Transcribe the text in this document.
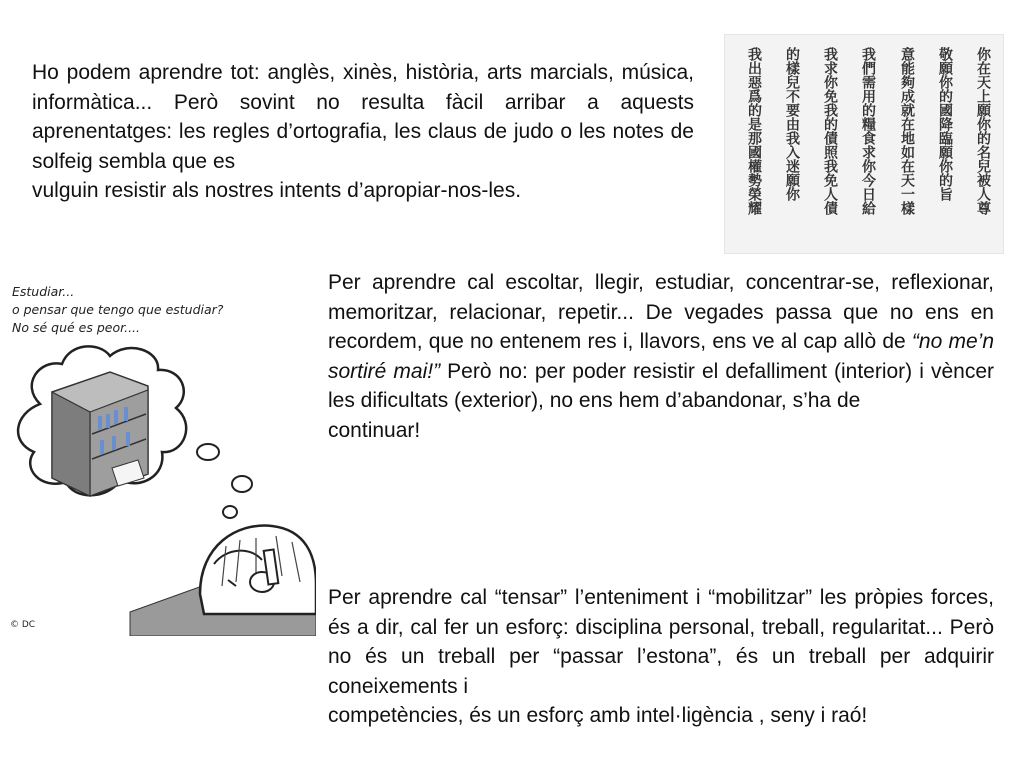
Ho podem aprendre tot: anglès, xinès, història, arts marcials, música, informàtica... Però sovint no resulta fàcil arribar a aquests aprenentatges: les regles d’ortografia, les claus de judo o les notes de solfeig sembla que es
vulguin resistir als nostres intents d’apropiar-nos-les.	你在天上願你的名兒被人尊
敬願你的國降臨願你的旨
意能夠成就在地如在天一樣
我們需用的糧食求你今日給
我求你免我的債照我免人債
的樣兒不要由我入迷願你
我出惡爲的是那國權勢榮耀
Estudiar...
o pensar que tengo que estudiar?
No sé qué es peor....
© DC
Per aprendre cal escoltar, llegir, estudiar, concentrar-se, reflexionar, memoritzar, relacionar, repetir... De vegades passa que no ens en recordem, que no entenem res i, llavors, ens ve al cap allò de “no me’n sortiré mai!” Però no: per poder resistir el defalliment (interior) i vèncer les dificultats (exterior), no ens hem d’abandonar, s’ha de
continuar!
Per aprendre cal “tensar” l’enteniment i “mobilitzar” les pròpies forces, és a dir, cal fer un esforç: disciplina personal, treball, regularitat... Però no és un treball per “passar l’estona”, és un treball per adquirir coneixements i
competències, és un esforç amb intel·ligència , seny i raó!
